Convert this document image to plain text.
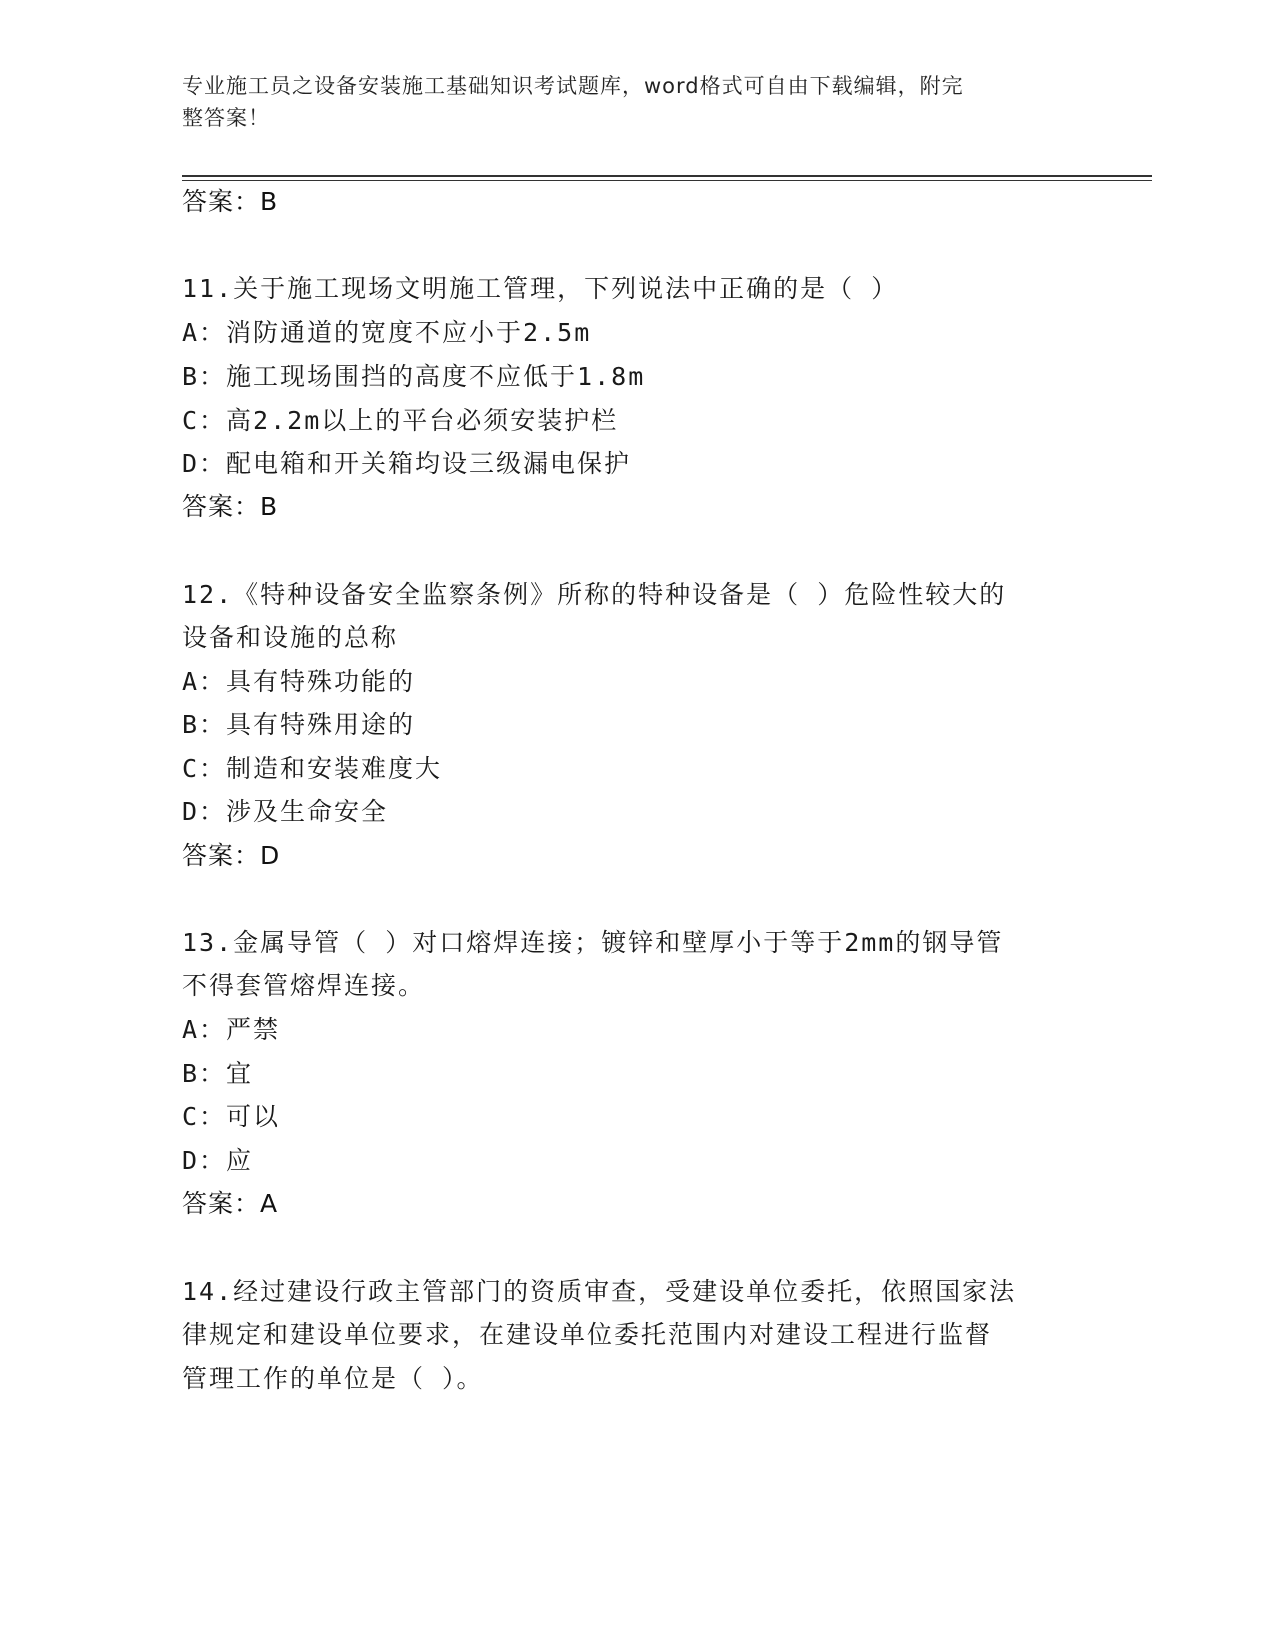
专业施工员之设备安装施工基础知识考试题库，word格式可自由下载编辑，附完
整答案！
答案：B
11.关于施工现场文明施工管理，下列说法中正确的是（ ）
A：消防通道的宽度不应小于2.5m
B：施工现场围挡的高度不应低于1.8m
C：高2.2m以上的平台必须安装护栏
D：配电箱和开关箱均设三级漏电保护
答案：B
12.《特种设备安全监察条例》所称的特种设备是（ ）危险性较大的
设备和设施的总称
A：具有特殊功能的
B：具有特殊用途的
C：制造和安装难度大
D：涉及生命安全
答案：D
13.金属导管（ ）对口熔焊连接；镀锌和壁厚小于等于2mm的钢导管
不得套管熔焊连接。
A：严禁
B：宜
C：可以
D：应
答案：A
14.经过建设行政主管部门的资质审查，受建设单位委托，依照国家法
律规定和建设单位要求，在建设单位委托范围内对建设工程进行监督
管理工作的单位是（ ）。
